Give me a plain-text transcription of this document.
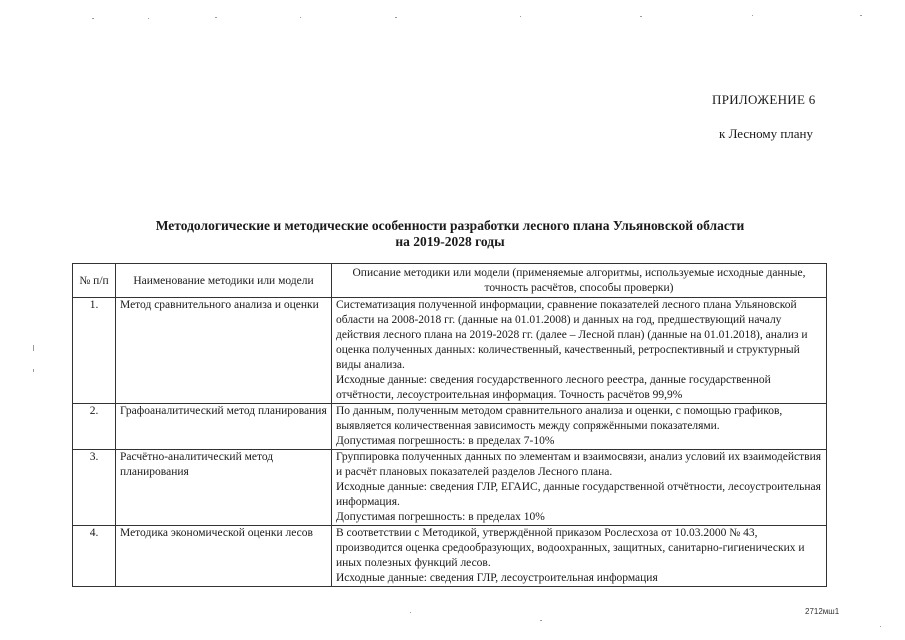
ПРИЛОЖЕНИЕ 6
к Лесному плану
Методологические и методические особенности разработки лесного плана Ульяновской области
на 2019-2028 годы
№ п/п	Наименование методики или модели	Описание методики или модели (применяемые алгоритмы, используемые исходные данные, точность расчётов, способы проверки)
1.	Метод сравнительного анализа и оценки	Систематизация полученной информации, сравнение показателей лесного плана Ульяновской области на 2008-2018 гг. (данные на 01.01.2008) и данных на год, предшествующий началу действия лесного плана на 2019-2028 гг. (далее – Лесной план) (данные на 01.01.2018), анализ и оценка полученных данных: количественный, качественный, ретроспективный и структурный виды анализа.
Исходные данные: сведения государственного лесного реестра, данные государственной отчётности, лесоустроительная информация. Точность расчётов 99,9%

2.	Графоаналитический метод планирования	По данным, полученным методом сравнительного анализа и оценки, с помощью графиков, выявляется количественная зависимость между сопряжёнными показателями.
Допустимая погрешность: в пределах 7-10%

3.	Расчётно-аналитический метод планирования	Группировка полученных данных по элементам и взаимосвязи, анализ условий их взаимодействия и расчёт плановых показателей разделов Лесного плана.
Исходные данные: сведения ГЛР, ЕГАИС, данные государственной отчётности, лесоустроительная информация.
Допустимая погрешность: в пределах 10%

4.	Методика экономической оценки лесов	В соответствии с Методикой, утверждённой приказом Рослесхоза от 10.03.2000 № 43, производится оценка средообразующих, водоохранных, защитных, санитарно-гигиенических и иных полезных функций лесов.
Исходные данные: сведения ГЛР, лесоустроительная информация
2712мш1
